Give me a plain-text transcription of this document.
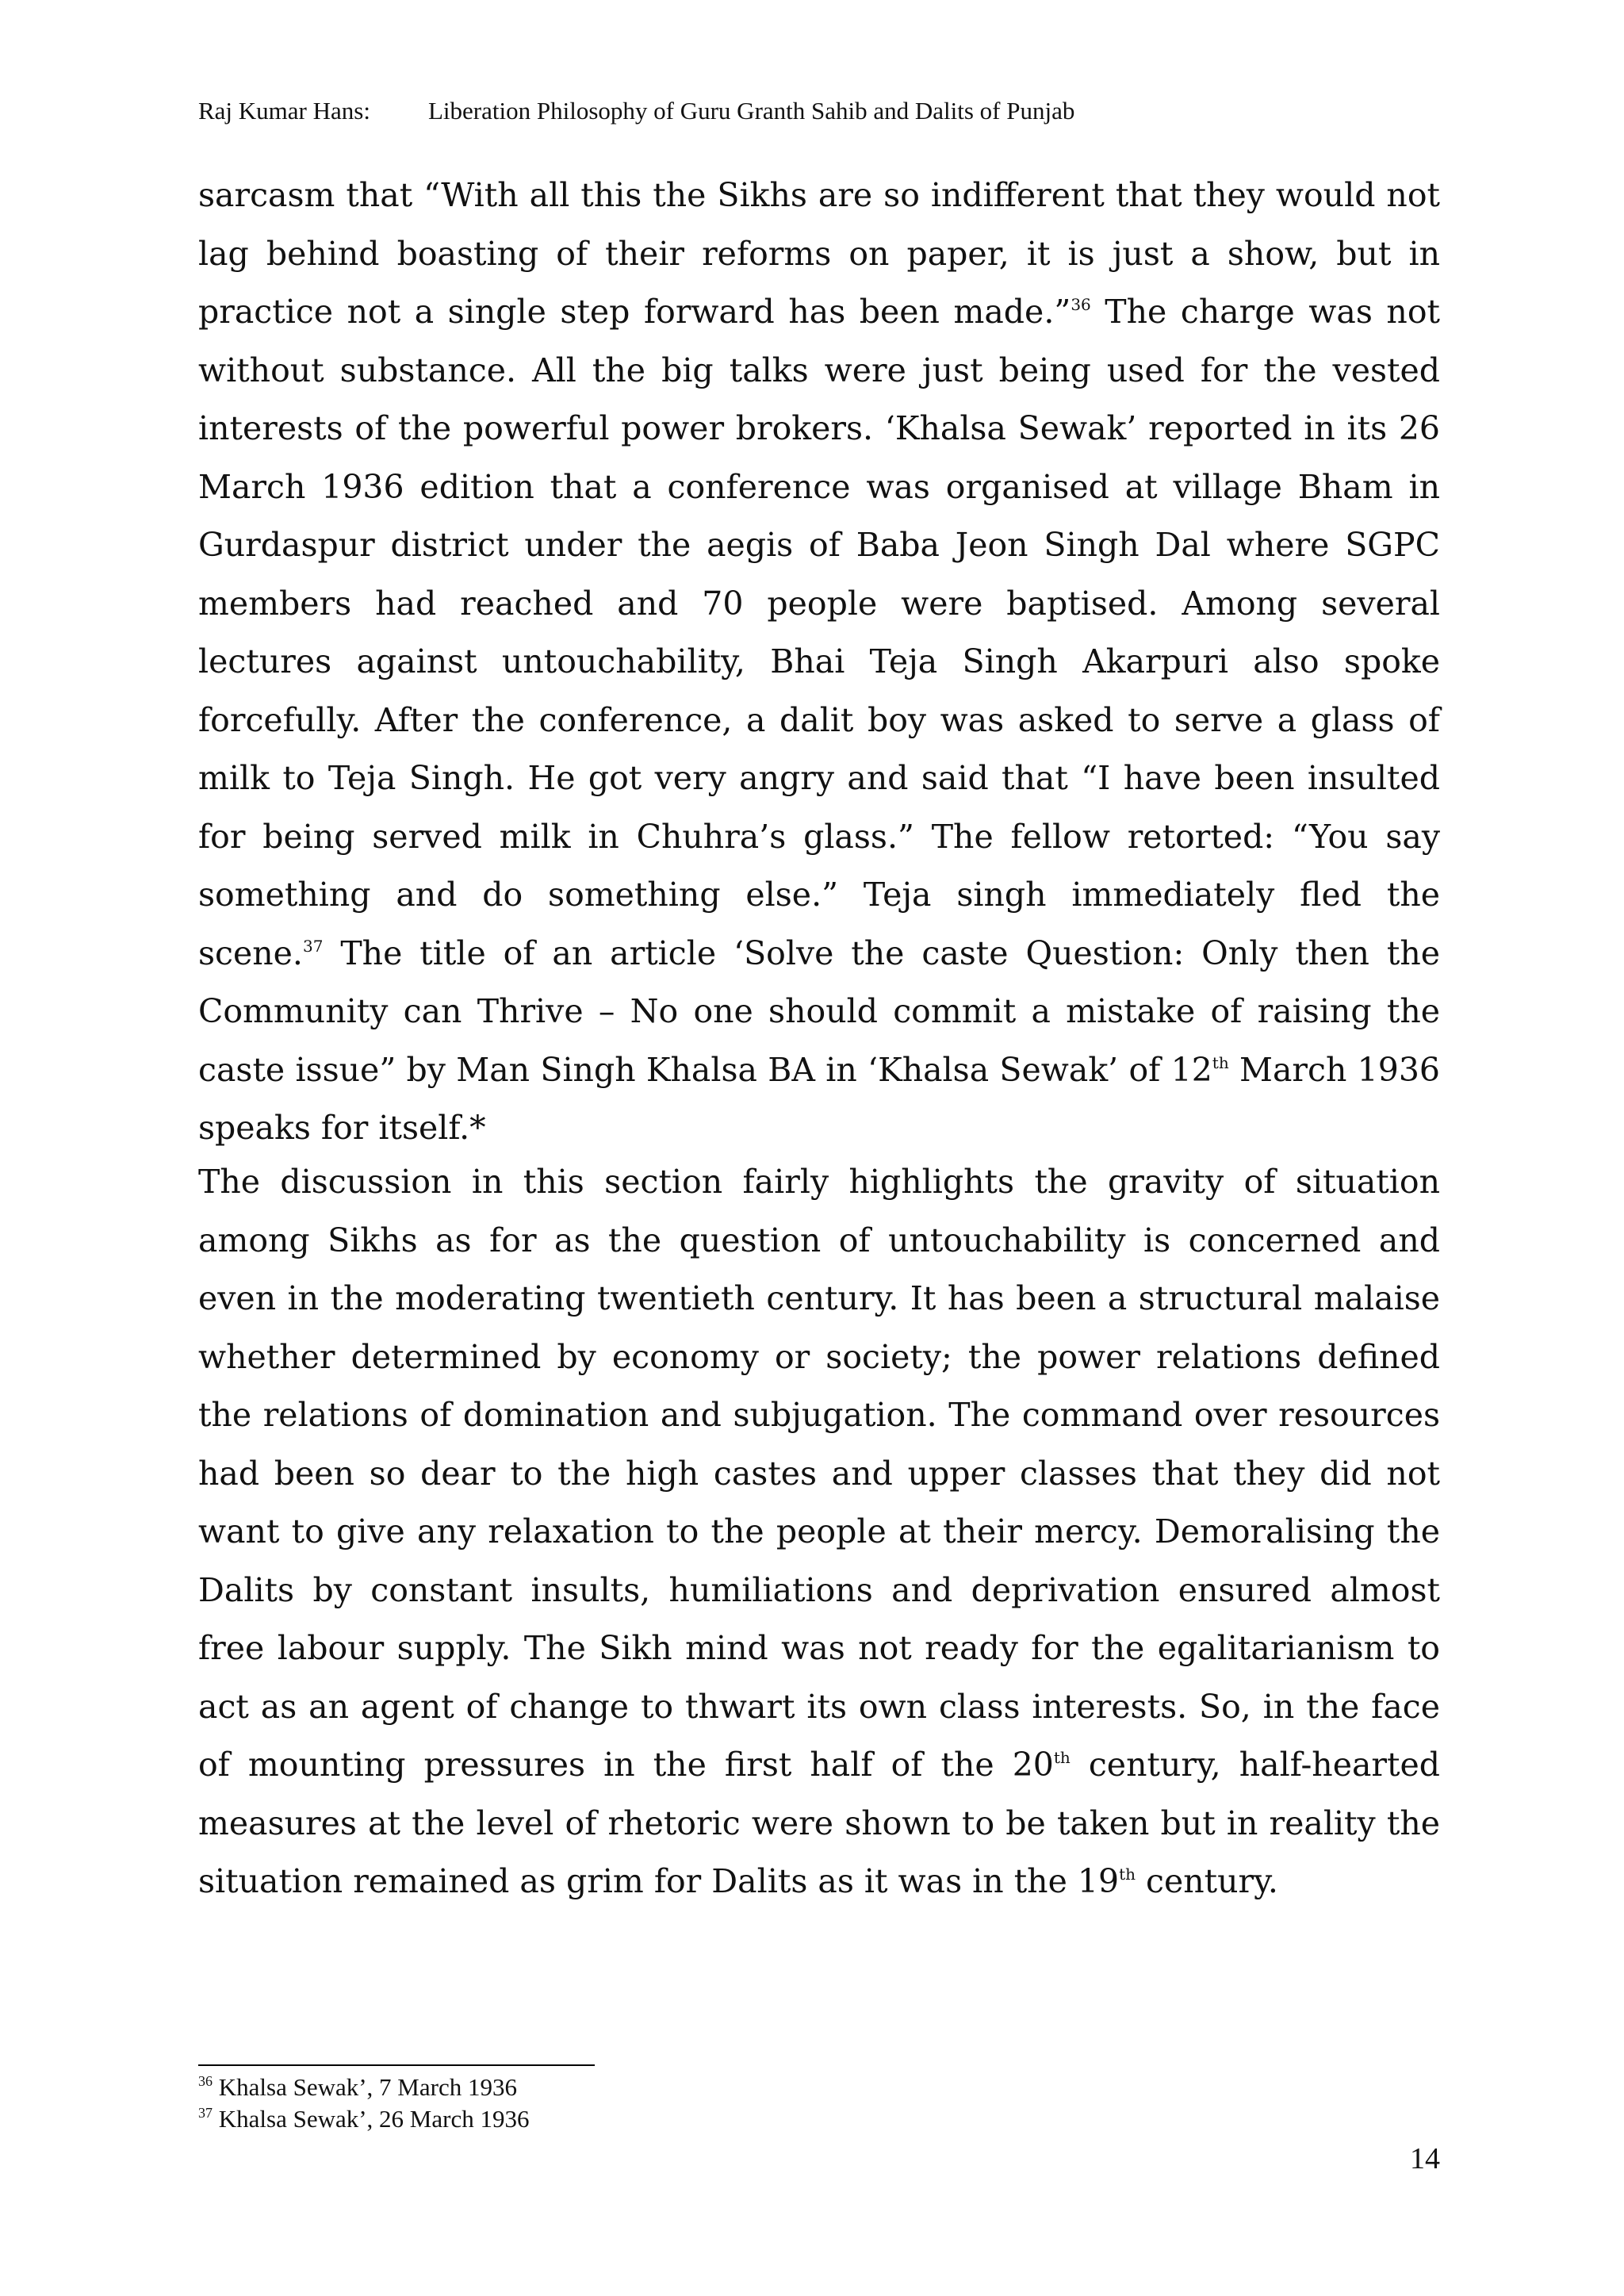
Raj Kumar Hans: Liberation Philosophy of Guru Granth Sahib and Dalits of Punjab

sarcasm that “With all this the Sikhs are so indifferent that they would not lag behind boasting of their reforms on paper, it is just a show, but in practice not a single step forward has been made.”$^{36}$ The charge was not without substance. All the big talks were just being used for the vested interests of the powerful power brokers. ‘Khalsa Sewak’ reported in its 26 March 1936 edition that a conference was organised at village Bham in Gurdaspur district under the aegis of Baba Jeon Singh Dal where SGPC members had reached and 70 people were baptised. Among several lectures against untouchability, Bhai Teja Singh Akarpuri also spoke forcefully. After the conference, a dalit boy was asked to serve a glass of milk to Teja Singh. He got very angry and said that “I have been insulted for being served milk in Chuhra’s glass.” The fellow retorted: “You say something and do something else.” Teja singh immediately fled the scene.$^{37}$ The title of an article ‘Solve the caste Question: Only then the Community can Thrive – No one should commit a mistake of raising the caste issue” by Man Singh Khalsa BA in ‘Khalsa Sewak’ of 12th March 1936 speaks for itself.*

The discussion in this section fairly highlights the gravity of situation among Sikhs as for as the question of untouchability is concerned and even in the moderating twentieth century. It has been a structural malaise whether determined by economy or society; the power relations defined the relations of domination and subjugation. The command over resources had been so dear to the high castes and upper classes that they did not want to give any relaxation to the people at their mercy. Demoralising the Dalits by constant insults, humiliations and deprivation ensured almost free labour supply. The Sikh mind was not ready for the egalitarianism to act as an agent of change to thwart its own class interests. So, in the face of mounting pressures in the first half of the 20th century, half-hearted measures at the level of rhetoric were shown to be taken but in reality the situation remained as grim for Dalits as it was in the 19th century.

$^{36}$ Khalsa Sewak’, 7 March 1936
$^{37}$ Khalsa Sewak’, 26 March 1936
14
